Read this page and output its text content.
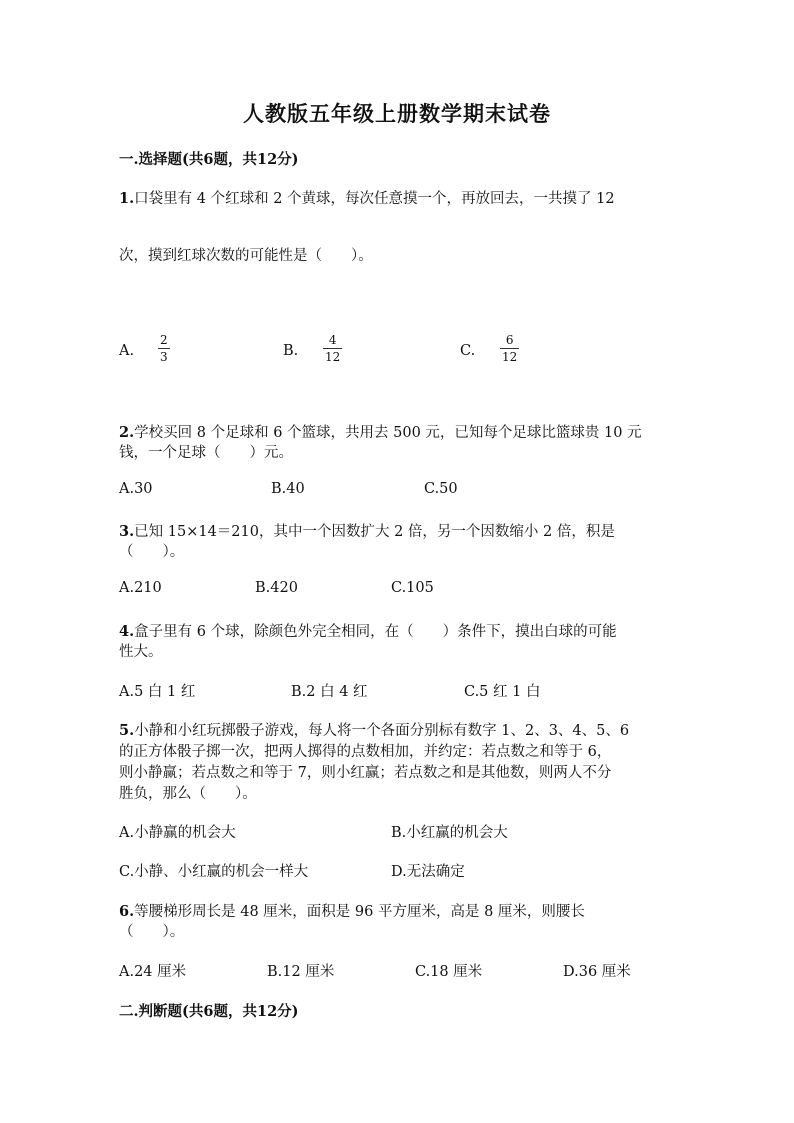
人教版五年级上册数学期末试卷
一.选择题(共6题，共12分)
1.口袋里有 4 个红球和 2 个黄球，每次任意摸一个，再放回去，一共摸了 12
次，摸到红球次数的可能性是（　　）。
A.
2
3	B.
4
12	C.
6
12
2.学校买回 8 个足球和 6 个篮球，共用去 500 元，已知每个足球比篮球贵 10 元
钱，一个足球（　　）元。
A.30	B.40	C.50
3.已知 15×14＝210，其中一个因数扩大 2 倍，另一个因数缩小 2 倍，积是
（　　）。
A.210	B.420	C.105
4.盒子里有 6 个球，除颜色外完全相同，在（　　）条件下，摸出白球的可能
性大。
A.5 白 1 红	B.2 白 4 红	C.5 红 1 白
5.小静和小红玩掷骰子游戏，每人将一个各面分别标有数字 1、2、3、4、5、6
的正方体骰子掷一次，把两人掷得的点数相加，并约定：若点数之和等于 6，
则小静赢；若点数之和等于 7，则小红赢；若点数之和是其他数，则两人不分
胜负，那么（　　）。
A.小静赢的机会大	B.小红赢的机会大
C.小静、小红赢的机会一样大	D.无法确定
6.等腰梯形周长是 48 厘米，面积是 96 平方厘米，高是 8 厘米，则腰长
（　　）。
A.24 厘米	B.12 厘米	C.18 厘米	D.36 厘米
二.判断题(共6题，共12分)
